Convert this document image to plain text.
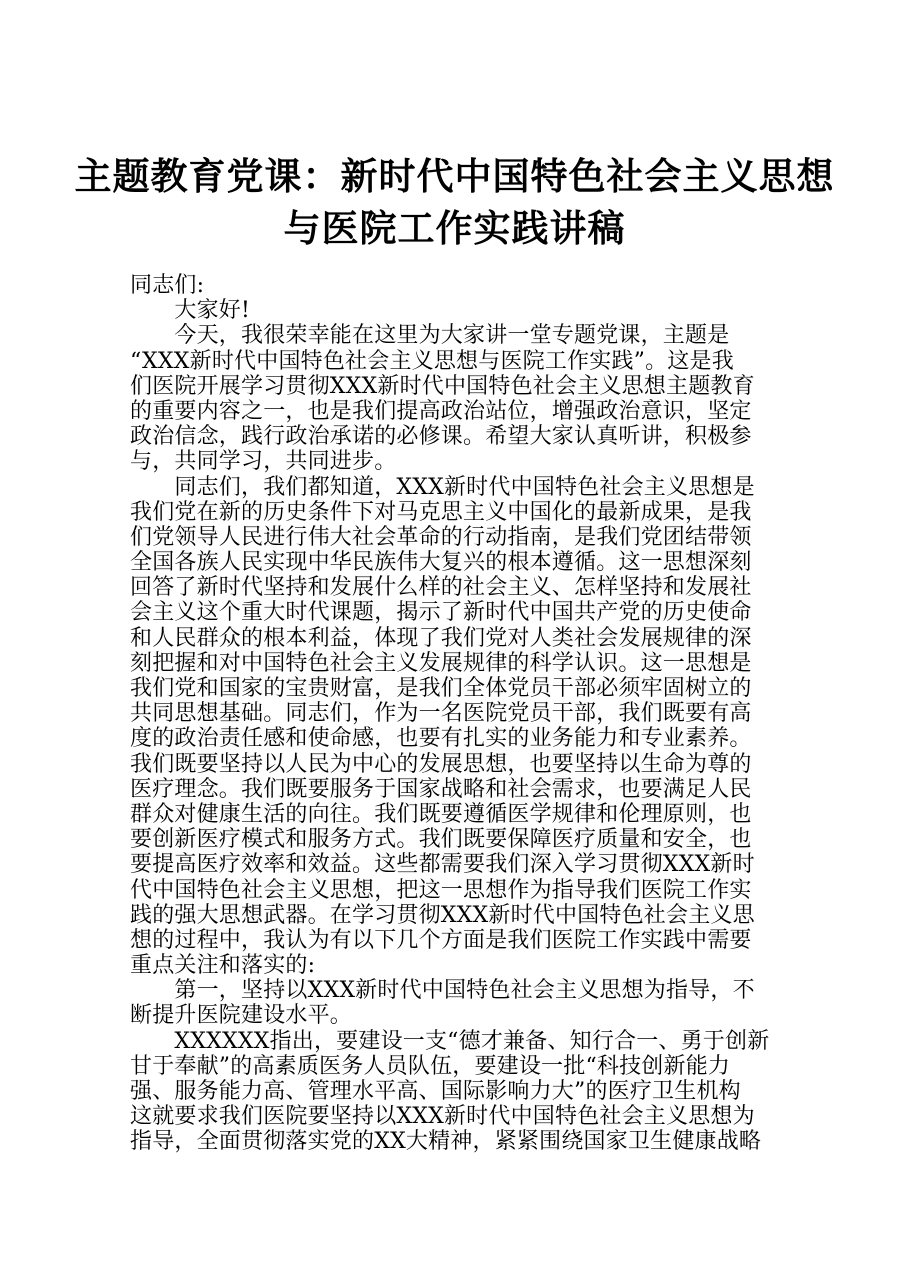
主题教育党课：新时代中国特色社会主义思想
与医院工作实践讲稿
同志们:
　　大家好!
　　今天，我很荣幸能在这里为大家讲一堂专题党课，主题是
“XXX新时代中国特色社会主义思想与医院工作实践”。这是我
们医院开展学习贯彻XXX新时代中国特色社会主义思想主题教育
的重要内容之一，也是我们提高政治站位，增强政治意识，坚定
政治信念，践行政治承诺的必修课。希望大家认真听讲，积极参
与，共同学习，共同进步。
　　同志们，我们都知道，XXX新时代中国特色社会主义思想是
我们党在新的历史条件下对马克思主义中国化的最新成果，是我
们党领导人民进行伟大社会革命的行动指南，是我们党团结带领
全国各族人民实现中华民族伟大复兴的根本遵循。这一思想深刻
回答了新时代坚持和发展什么样的社会主义、怎样坚持和发展社
会主义这个重大时代课题，揭示了新时代中国共产党的历史使命
和人民群众的根本利益，体现了我们党对人类社会发展规律的深
刻把握和对中国特色社会主义发展规律的科学认识。这一思想是
我们党和国家的宝贵财富，是我们全体党员干部必须牢固树立的
共同思想基础。同志们，作为一名医院党员干部，我们既要有高
度的政治责任感和使命感，也要有扎实的业务能力和专业素养。
我们既要坚持以人民为中心的发展思想，也要坚持以生命为尊的
医疗理念。我们既要服务于国家战略和社会需求，也要满足人民
群众对健康生活的向往。我们既要遵循医学规律和伦理原则，也
要创新医疗模式和服务方式。我们既要保障医疗质量和安全，也
要提高医疗效率和效益。这些都需要我们深入学习贯彻XXX新时
代中国特色社会主义思想，把这一思想作为指导我们医院工作实
践的强大思想武器。在学习贯彻XXX新时代中国特色社会主义思
想的过程中，我认为有以下几个方面是我们医院工作实践中需要
重点关注和落实的:
　　第一，坚持以XXX新时代中国特色社会主义思想为指导，不
断提升医院建设水平。
　　XXXXXX指出，要建设一支“德才兼备、知行合一、勇于创新
甘于奉献”的高素质医务人员队伍，要建设一批“科技创新能力
强、服务能力高、管理水平高、国际影响力大”的医疗卫生机构
这就要求我们医院要坚持以XXX新时代中国特色社会主义思想为
指导，全面贯彻落实党的XX大精神，紧紧围绕国家卫生健康战略
